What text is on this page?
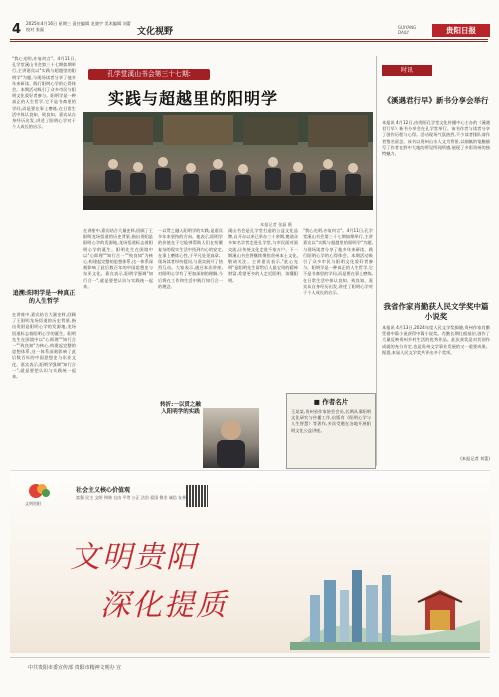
4 2025年4月16日 星期三 责任编辑 龙骏宇 美术编辑 刘蕾 校对 张磊	文化视野	GUIYANG DAILY	贵阳日报
"我心光明,亦复何言"。4月11日,孔学堂溪山书会第三十七期如期举行,主讲嘉宾以"实践与超越里的阳明学"为题,与现场读者分享了他多年来研读、践行阳明心学的心得体会。本期活动吸引了众多市民与阳明文化爱好者参与。阳明学是一种真正的人生哲学,它不是书斋里的学问,而是要在事上磨练,在日常生活中体认良知、致良知。嘉宾从自身经历出发,讲述了阳明心学对于个人成长的启示。
追溯:阳明学是一种真正的人生哲学
在讲座中,嘉宾结合大量史料,回顾了王阳明龙场悟道的历史背景,指出贵阳是阳明心学的发源地,龙场悟道标志着阳明心学的诞生。阳明先生在困境中以"心即理""知行合一""致良知"为核心,构建起完整的思想体系,这一体系深刻影响了此后数百年的中国思想史与东亚文化。嘉宾表示,阳明学强调"知行合一",就是要把认识与实践统一起来。
孔学堂溪山书会第三十七期:
实践与超越里的阳明学
本报记者 张磊 摄
在讲座中,嘉宾结合大量史料,回顾了王阳明龙场悟道的历史背景,指出贵阳是阳明心学的发源地,龙场悟道标志着阳明心学的诞生。阳明先生在困境中以"心即理""知行合一""致良知"为核心,构建起完整的思想体系,这一体系深刻影响了此后数百年的中国思想史与东亚文化。嘉宾表示,阳明学强调"知行合一",就是要把认识与实践统一起来。
一以贯之融入阳明学的实践,是嘉宾多年来坚持的方向。他表示,阳明学的价值在于它能够帮助人们在纷繁复杂的现实生活中找到内心的安定,在事上磨炼心性,于平凡处见真章。现场读者纷纷提问,与嘉宾展开了热烈互动。大家表示,通过本次讲座,对阳明心学有了更加深刻的理解,今后将在工作和生活中践行知行合一的理念。
转折:一以贯之融入阳明学的实践
溪山书会是孔学堂打造的公益文化品牌,自开办以来已举办三十余期,邀请众多知名学者走进孔学堂,与市民面对面交流,让传统文化走进千家万户。下一期溪山书会将继续聚焦贵州本土文化,敬请关注。主讲嘉宾表示,"此心光明"是阳明先生留给后人最宝贵的精神财富,希望更多的人走近阳明、读懂阳明。
"我心光明,亦复何言"。4月11日,孔学堂溪山书会第三十七期如期举行,主讲嘉宾以"实践与超越里的阳明学"为题,与现场读者分享了他多年来研读、践行阳明心学的心得体会。本期活动吸引了众多市民与阳明文化爱好者参与。阳明学是一种真正的人生哲学,它不是书斋里的学问,而是要在事上磨练,在日常生活中体认良知、致良知。嘉宾从自身经历出发,讲述了阳明心学对于个人成长的启示。
■ 作者名片
王某某,贵州省作家协会会员,长期从事阳明文化研究与传播工作,出版有《阳明心学与人生智慧》等著作,多次受邀在各地开展阳明文化公益讲座。
时讯
《溪遇君行早》新书分享会举行
本报讯 4月12日,由贵阳孔学堂文化传播中心主办的《溪遇君行早》新书分享会在孔学堂举行。该书作者与读者分享了创作历程与心得。活动现场气氛热烈,不少读者排队请作者签名留念。该书以贵州山水人文为背景,以细腻的笔触描写了作者在黔中大地的所见所闻所感,展现了多彩贵州的独特魅力。
我省作家肖勤获人民文学奖中篇小说奖
本报讯 4月13日,2024年度人民文学奖揭晓,贵州作家肖勤凭借中篇小说获得中篇小说奖。肖勤长期扎根基层,创作了大量反映贵州乡村生活的优秀作品。此次获奖是对其创作成就的充分肯定,也是贵州文学事业发展的又一重要成果。据悉,本届人民文学奖共评出多个奖项。
(本报记者 刘蕾)
文明贵阳
社会主义核心价值观
富强 民主 文明 和谐 自由 平等 公正 法治 爱国 敬业 诚信 友善
文明贵阳
深化提质
中共贵阳市委宣传部 贵阳市精神文明办 宣
